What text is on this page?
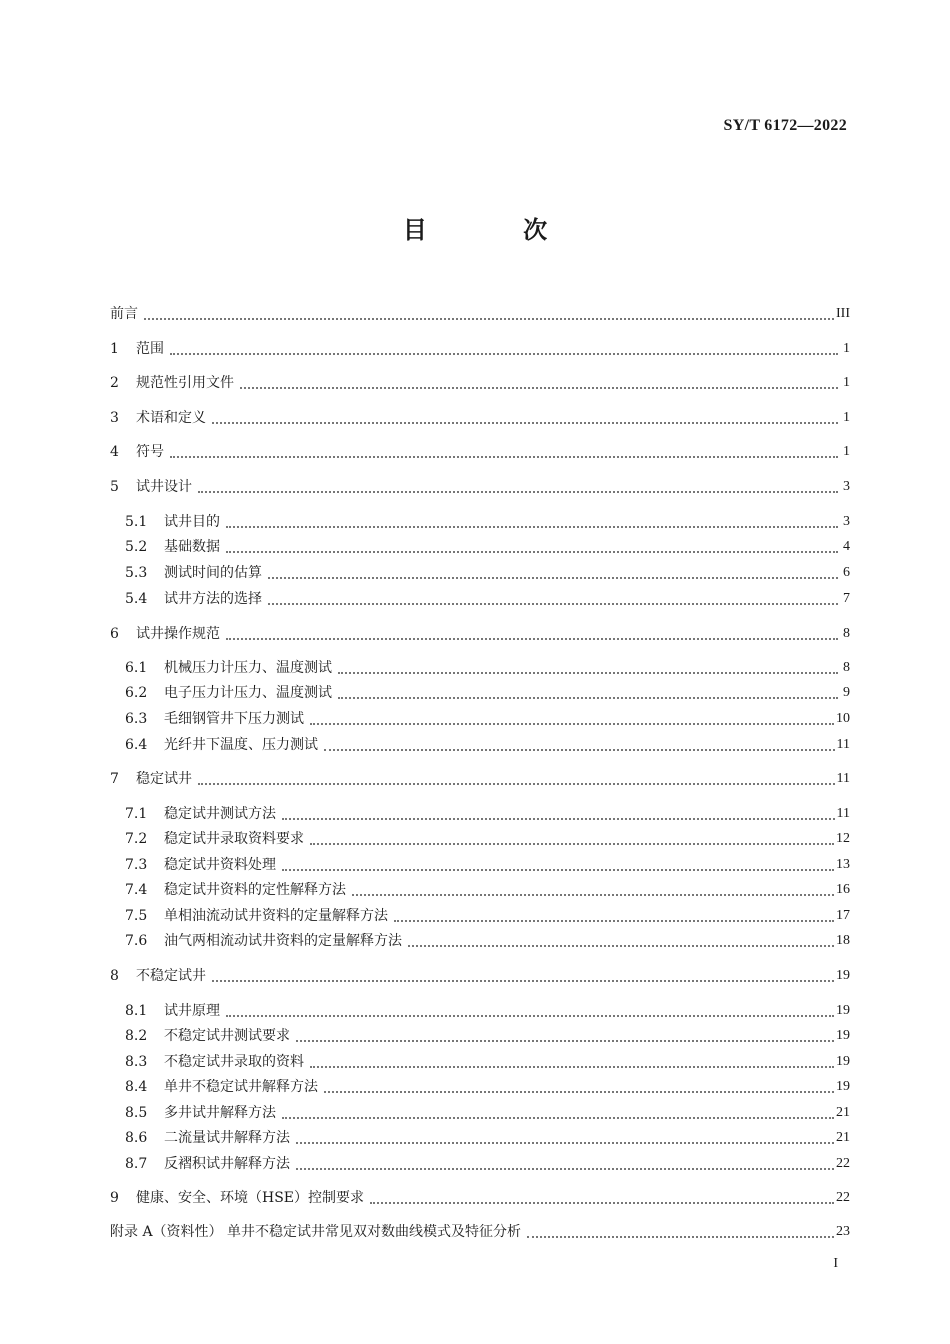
SY/T 6172—2022
目 次
前言	III
1	范围	1
2	规范性引用文件	1
3	术语和定义	1
4	符号	1
5	试井设计	3
5.1	试井目的	3
5.2	基础数据	4
5.3	测试时间的估算	6
5.4	试井方法的选择	7
6	试井操作规范	8
6.1	机械压力计压力、温度测试	8
6.2	电子压力计压力、温度测试	9
6.3	毛细钢管井下压力测试	10
6.4	光纤井下温度、压力测试	11
7	稳定试井	11
7.1	稳定试井测试方法	11
7.2	稳定试井录取资料要求	12
7.3	稳定试井资料处理	13
7.4	稳定试井资料的定性解释方法	16
7.5	单相油流动试井资料的定量解释方法	17
7.6	油气两相流动试井资料的定量解释方法	18
8	不稳定试井	19
8.1	试井原理	19
8.2	不稳定试井测试要求	19
8.3	不稳定试井录取的资料	19
8.4	单井不稳定试井解释方法	19
8.5	多井试井解释方法	21
8.6	二流量试井解释方法	21
8.7	反褶积试井解释方法	22
9	健康、安全、环境（HSE）控制要求	22
附录 A（资料性） 单井不稳定试井常见双对数曲线模式及特征分析	23
I
